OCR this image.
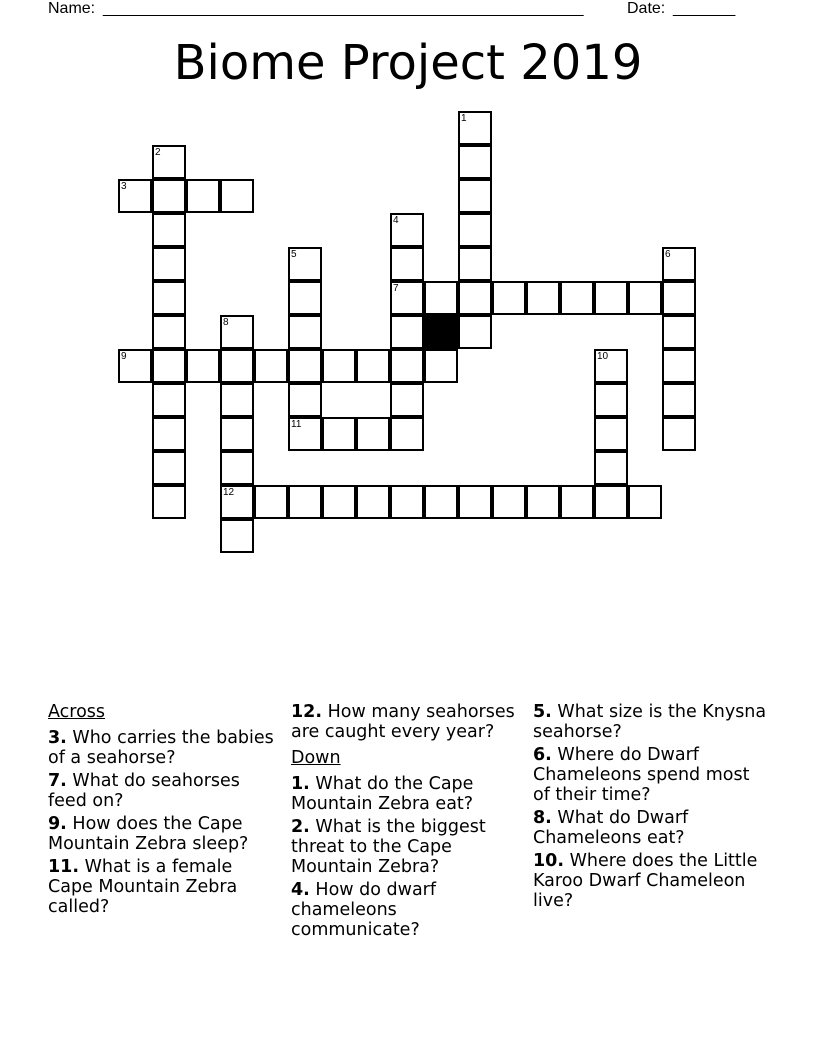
Name: ______________________________________________________	Date: _______
Biome Project 2019
1
2
3
4
7
5
11
6
8
12
9	10
Across
3. Who carries the babies of a seahorse?
7. What do seahorses feed on?
9. How does the Cape Mountain Zebra sleep?
11. What is a female Cape Mountain Zebra called?
12. How many seahorses are caught every year?
Down
1. What do the Cape Mountain Zebra eat?
2. What is the biggest threat to the Cape Mountain Zebra?
4. How do dwarf chameleons communicate?
5. What size is the Knysna seahorse?
6. Where do Dwarf Chameleons spend most of their time?
8. What do Dwarf Chameleons eat?
10. Where does the Little Karoo Dwarf Chameleon live?
